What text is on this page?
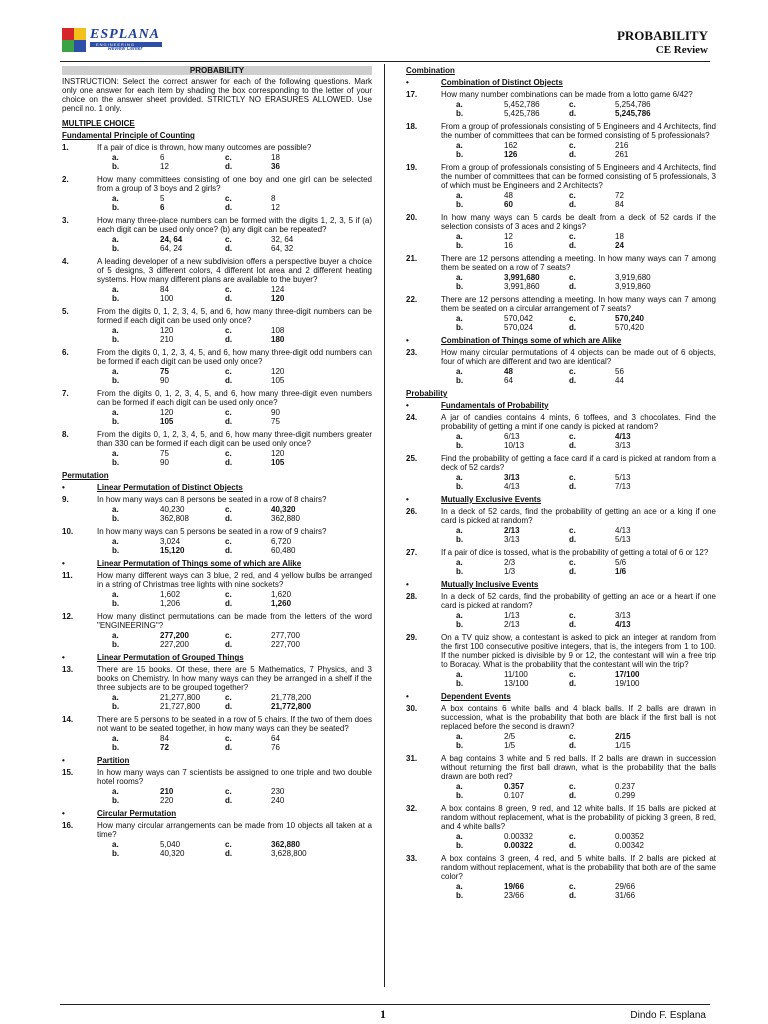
ESPLANA
ENGINEERING
Review Center
PROBABILITY
CE Review
PROBABILITY
INSTRUCTION: Select the correct answer for each of the following questions. Mark only one answer for each item by shading the box corresponding to the letter of your choice on the answer sheet provided. STRICTLY NO ERASURES ALLOWED. Use pencil no. 1 only.
MULTIPLE CHOICE
Fundamental Principle of Counting
1.	If a pair of dice is thrown, how many outcomes are possible?
a.	6	c.	18
b.	12	d.	36
2.	How many committees consisting of one boy and one girl can be selected from a group of 3 boys and 2 girls?
a.	5	c.	8
b.	6	d.	12
3.	How many three-place numbers can be formed with the digits 1, 2, 3, 5 if (a) each digit can be used only once? (b) any digit can be repeated?
a.	24, 64	c.	32, 64
b.	64, 24	d.	64, 32
4.	A leading developer of a new subdivision offers a perspective buyer a choice of 5 designs, 3 different colors, 4 different lot area and 2 different heating systems. How many different plans are available to the buyer?
a.	84	c.	124
b.	100	d.	120
5.	From the digits 0, 1, 2, 3, 4, 5, and 6, how many three-digit numbers can be formed if each digit can be used only once?
a.	120	c.	108
b.	210	d.	180
6.	From the digits 0, 1, 2, 3, 4, 5, and 6, how many three-digit odd numbers can be formed if each digit can be used only once?
a.	75	c.	120
b.	90	d.	105
7.	From the digits 0, 1, 2, 3, 4, 5, and 6, how many three-digit even numbers can be formed if each digit can be used only once?
a.	120	c.	90
b.	105	d.	75
8.	From the digits 0, 1, 2, 3, 4, 5, and 6, how many three-digit numbers greater than 330 can be formed if each digit can be used only once?
a.	75	c.	120
b.	90	d.	105
Permutation
• Linear Permutation of Distinct Objects
9.	In how many ways can 8 persons be seated in a row of 8 chairs?
a.	40,230	c.	40,320
b.	362,808	d.	362,880
10.	In how many ways can 5 persons be seated in a row of 9 chairs?
a.	3,024	c.	6,720
b.	15,120	d.	60,480
• Linear Permutation of Things some of which are Alike
11.	How many different ways can 3 blue, 2 red, and 4 yellow bulbs be arranged in a string of Christmas tree lights with nine sockets?
a.	1,602	c.	1,620
b.	1,206	d.	1,260
12.	How many distinct permutations can be made from the letters of the word "ENGINEERING"?
a.	277,200	c.	277,700
b.	227,200	d.	227,700
• Linear Permutation of Grouped Things
13.	There are 15 books. Of these, there are 5 Mathematics, 7 Physics, and 3 books on Chemistry. In how many ways can they be arranged in a shelf if the three subjects are to be grouped together?
a.	21,277,800	c.	21,778,200
b.	21,727,800	d.	21,772,800
14.	There are 5 persons to be seated in a row of 5 chairs. If the two of them does not want to be seated together, in how many ways can they be seated?
a.	84	c.	64
b.	72	d.	76
• Partition
15.	In how many ways can 7 scientists be assigned to one triple and two double hotel rooms?
a.	210	c.	230
b.	220	d.	240
• Circular Permutation
16.	How many circular arrangements can be made from 10 objects all taken at a time?
a.	5,040	c.	362,880
b.	40,320	d.	3,628,800
Combination
• Combination of Distinct Objects
17.	How many number combinations can be made from a lotto game 6/42?
a.	5,452,786	c.	5,254,786
b.	5,425,786	d.	5,245,786
18.	From a group of professionals consisting of 5 Engineers and 4 Architects, find the number of committees that can be formed consisting of 5 professionals?
a.	162	c.	216
b.	126	d.	261
19.	From a group of professionals consisting of 5 Engineers and 4 Architects, find the number of committees that can be formed consisting of 5 professionals, 3 of which must be Engineers and 2 Architects?
a.	48	c.	72
b.	60	d.	84
20.	In how many ways can 5 cards be dealt from a deck of 52 cards if the selection consists of 3 aces and 2 kings?
a.	12	c.	18
b.	16	d.	24
21.	There are 12 persons attending a meeting. In how many ways can 7 among them be seated on a row of 7 seats?
a.	3,991,680	c.	3,919,680
b.	3,991,860	d.	3,919,860
22.	There are 12 persons attending a meeting. In how many ways can 7 among them be seated on a circular arrangement of 7 seats?
a.	570,042	c.	570,240
b.	570,024	d.	570,420
• Combination of Things some of which are Alike
23.	How many circular permutations of 4 objects can be made out of 6 objects, four of which are different and two are identical?
a.	48	c.	56
b.	64	d.	44
Probability
• Fundamentals of Probability
24.	A jar of candies contains 4 mints, 6 toffees, and 3 chocolates. Find the probability of getting a mint if one candy is picked at random?
a.	6/13	c.	4/13
b.	10/13	d.	3/13
25.	Find the probability of getting a face card if a card is picked at random from a deck of 52 cards?
a.	3/13	c.	5/13
b.	4/13	d.	7/13
• Mutually Exclusive Events
26.	In a deck of 52 cards, find the probability of getting an ace or a king if one card is picked at random?
a.	2/13	c.	4/13
b.	3/13	d.	5/13
27.	If a pair of dice is tossed, what is the probability of getting a total of 6 or 12?
a.	2/3	c.	5/6
b.	1/3	d.	1/6
• Mutually Inclusive Events
28.	In a deck of 52 cards, find the probability of getting an ace or a heart if one card is picked at random?
a.	1/13	c.	3/13
b.	2/13	d.	4/13
29.	On a TV quiz show, a contestant is asked to pick an integer at random from the first 100 consecutive positive integers, that is, the integers from 1 to 100. If the number picked is divisible by 9 or 12, the contestant will win a free trip to Boracay. What is the probability that the contestant will win the trip?
a.	11/100	c.	17/100
b.	13/100	d.	19/100
• Dependent Events
30.	A box contains 6 white balls and 4 black balls. If 2 balls are drawn in succession, what is the probability that both are black if the first ball is not replaced before the second is drawn?
a.	2/5	c.	2/15
b.	1/5	d.	1/15
31.	A bag contains 3 white and 5 red balls. If 2 balls are drawn in succession without returning the first ball drawn, what is the probability that the balls drawn are both red?
a.	0.357	c.	0.237
b.	0.107	d.	0.299
32.	A box contains 8 green, 9 red, and 12 white balls. If 15 balls are picked at random without replacement, what is the probability of picking 3 green, 8 red, and 4 white balls?
a.	0.00332	c.	0.00352
b.	0.00322	d.	0.00342
33.	A box contains 3 green, 4 red, and 5 white balls. If 2 balls are picked at random without replacement, what is the probability that both are of the same color?
a.	19/66	c.	29/66
b.	23/66	d.	31/66
1	Dindo F. Esplana
